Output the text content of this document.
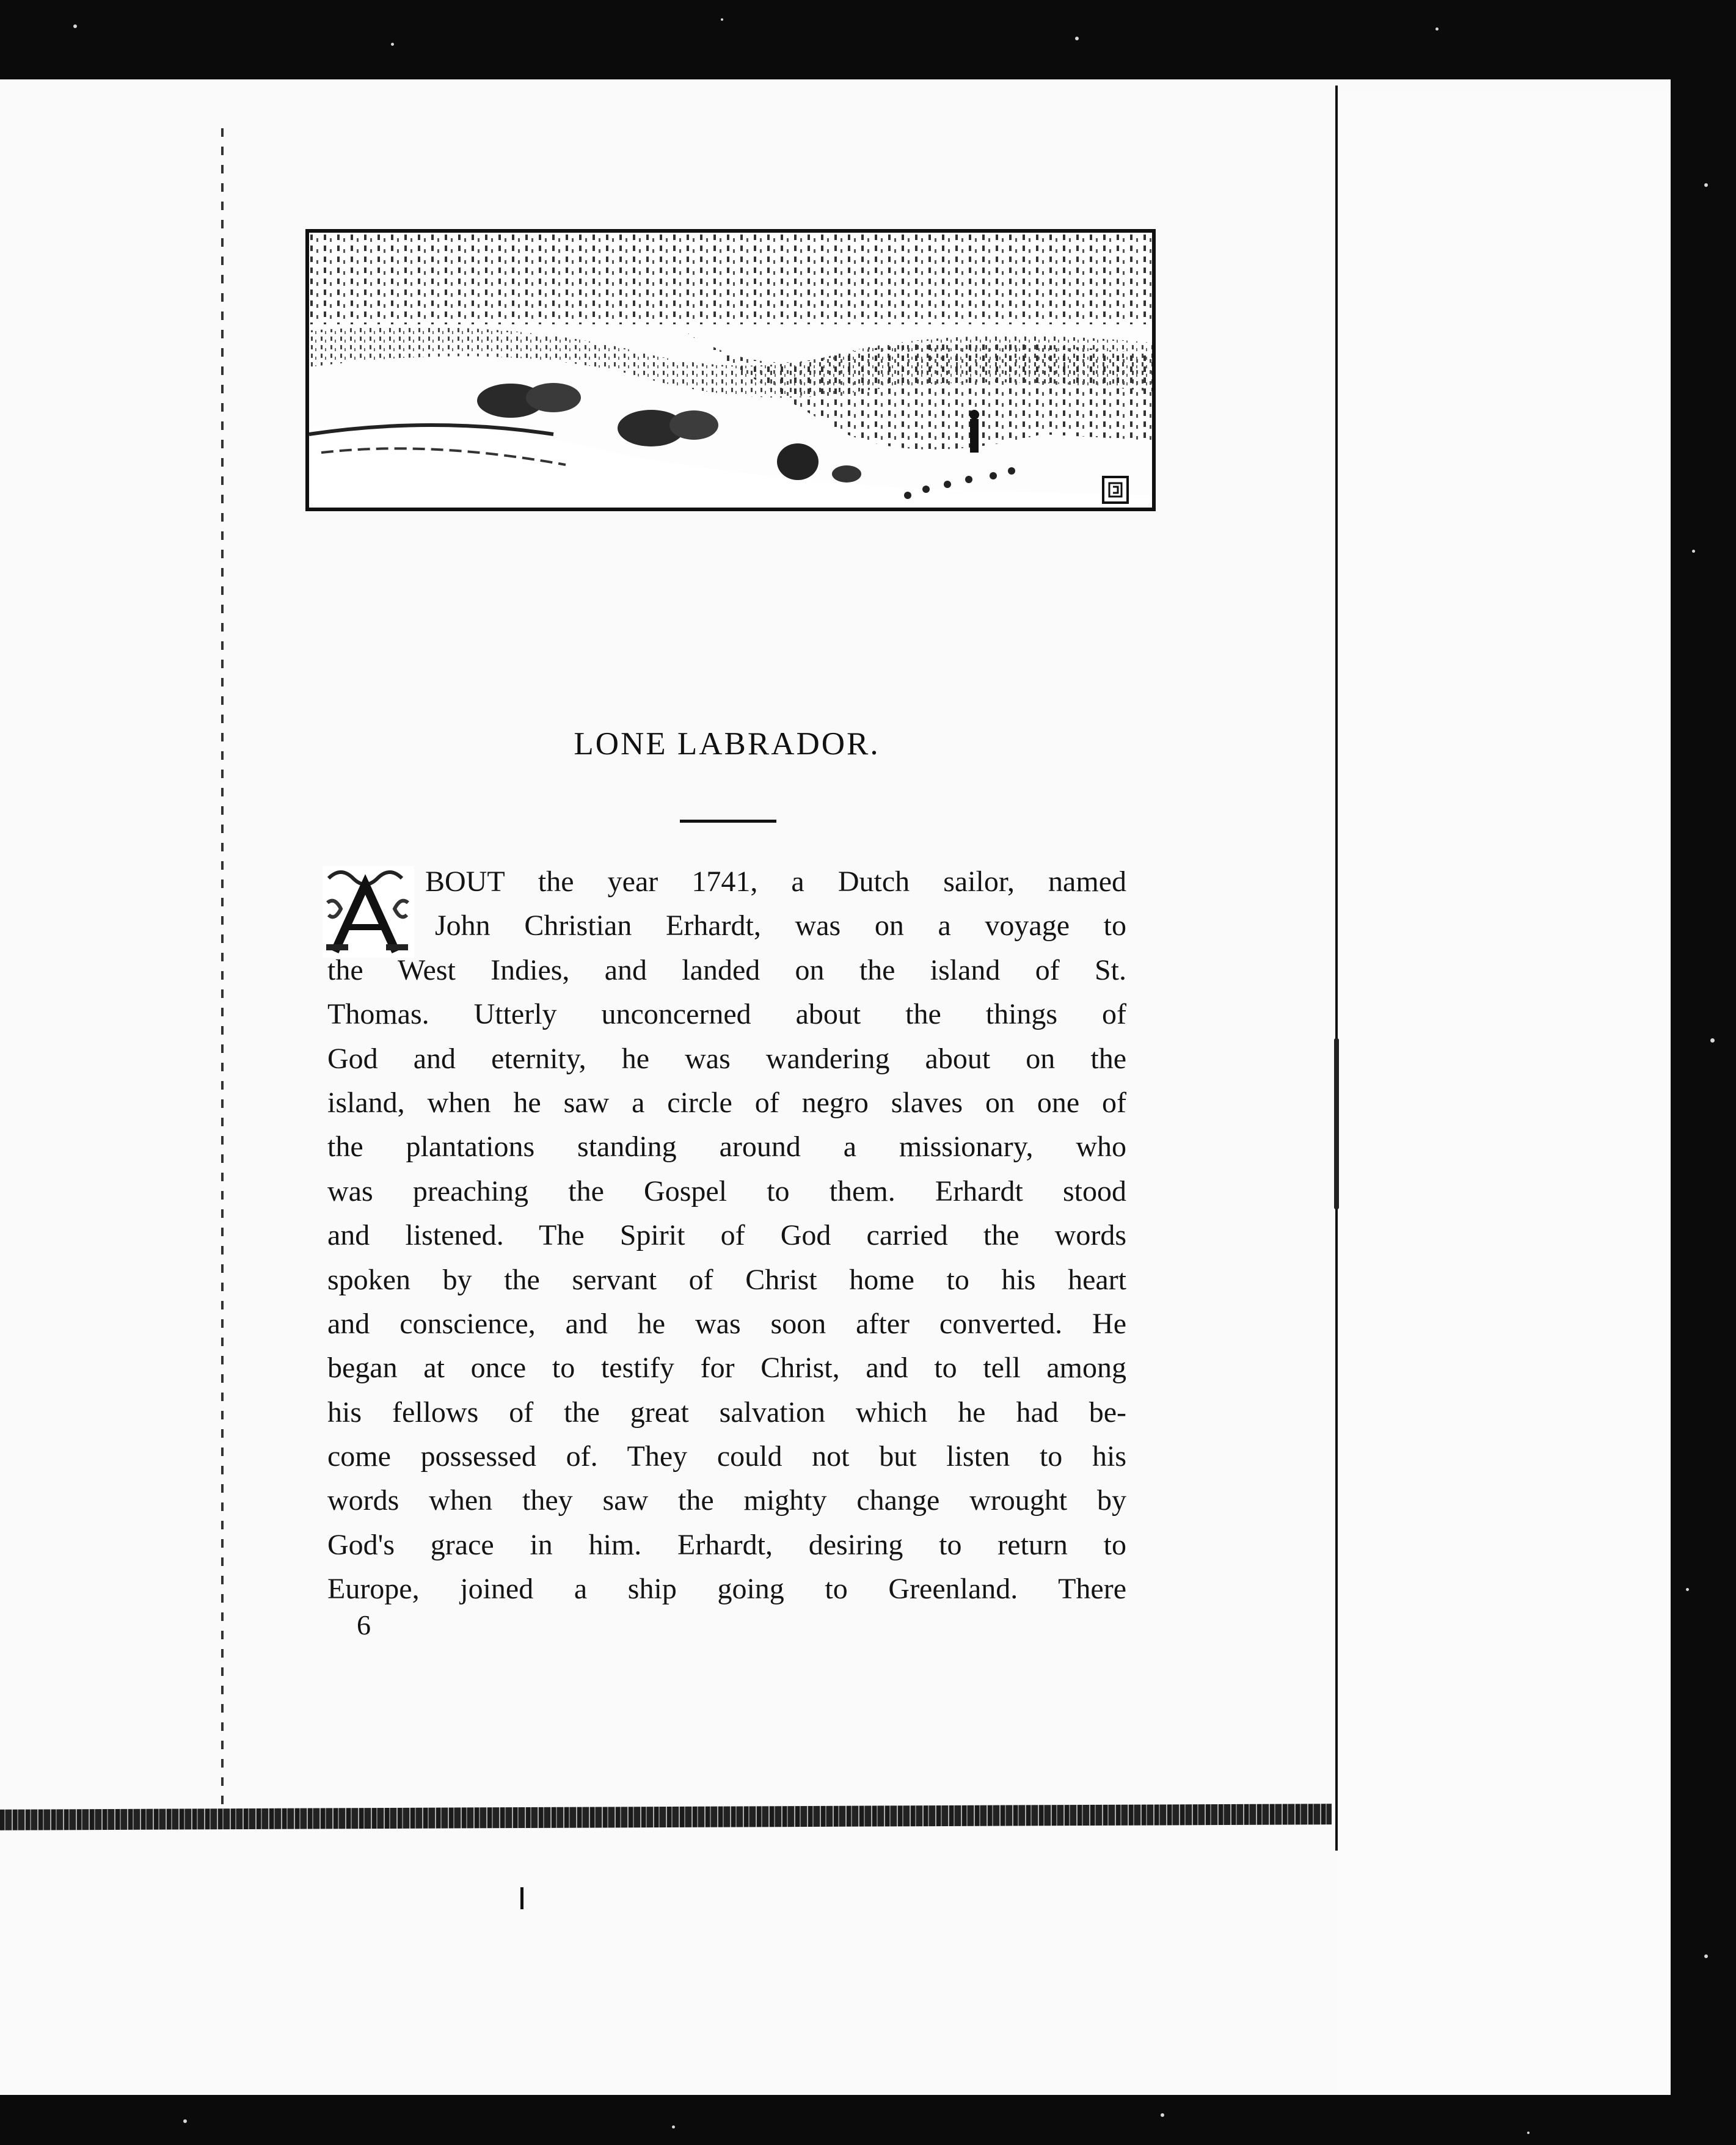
LONE LABRADOR.
BOUT the year 1741, a Dutch sailor, named
John Christian Erhardt, was on a voyage to
the West Indies, and landed on the island of St.
Thomas. Utterly unconcerned about the things of
God and eternity, he was wandering about on the
island, when he saw a circle of negro slaves on one of
the plantations standing around a missionary, who
was preaching the Gospel to them. Erhardt stood
and listened. The Spirit of God carried the words
spoken by the servant of Christ home to his heart
and conscience, and he was soon after converted. He
began at once to testify for Christ, and to tell among
his fellows of the great salvation which he had be-
come possessed of. They could not but listen to his
words when they saw the mighty change wrought by
God's grace in him. Erhardt, desiring to return to
Europe, joined a ship going to Greenland. There
6
